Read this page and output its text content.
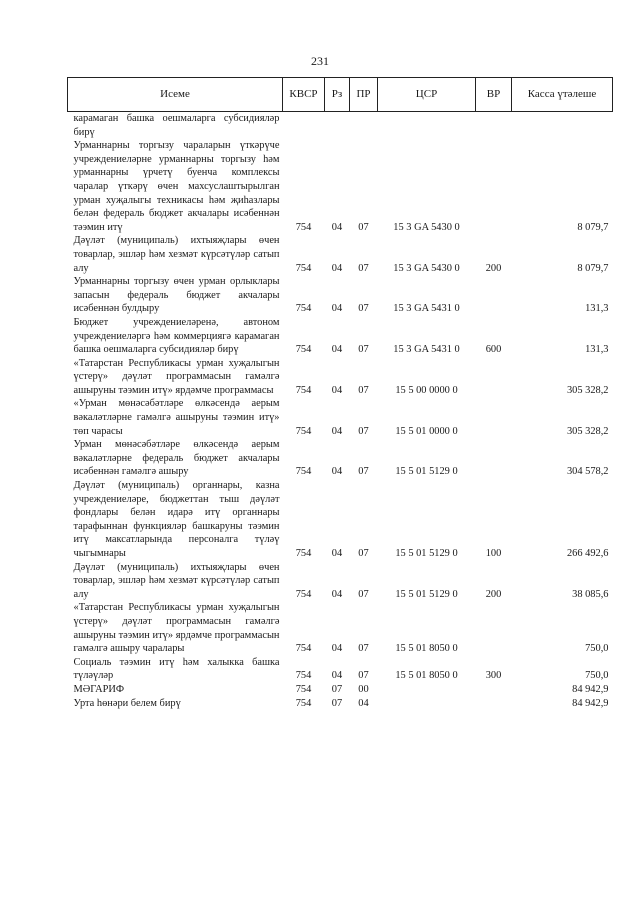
231
Исеме	КВСР	Рз	ПР	ЦСР	ВР	Касса үтәлеше
карамаган башка оешмаларга субсидияләр бирү						
Урманнарны торгызу чараларын үткәрүче учреждениеләрне урманнарны торгызу һәм урманнарны үрчетү буенча комплексы чаралар үткәрү өчен махсуслаштырылган урман хуҗалыгы техникасы һәм җиһазлары белән федераль бюджет акчалары исәбеннән тәэмин итү	754	04	07	15 3 GA 5430 0		8 079,7
Дәүләт (муниципаль) ихтыяҗлары өчен товарлар, эшләр һәм хезмәт күрсәтүләр сатып алу	754	04	07	15 3 GA 5430 0	200	8 079,7
Урманнарны торгызу өчен урман орлыклары запасын федераль бюджет акчалары исәбеннән булдыру	754	04	07	15 3 GA 5431 0		131,3
Бюджет учреждениеләренә, автоном учреждениеләргә һәм коммерциягә карамаган башка оешмаларга субсидияләр бирү	754	04	07	15 3 GA 5431 0	600	131,3
«Татарстан Республикасы урман хуҗалыгын үстерү» дәүләт программасын гамәлгә ашыруны тәэмин итү» ярдәмче программасы	754	04	07	15 5 00 0000 0		305 328,2
«Урман мөнәсәбәтләре өлкәсендә аерым вәкаләтләрне гамәлгә ашыруны тәэмин итү» төп чарасы	754	04	07	15 5 01 0000 0		305 328,2
Урман мөнәсәбәтләре өлкәсендә аерым вәкаләтләрне федераль бюджет акчалары исәбеннән гамәлгә ашыру	754	04	07	15 5 01 5129 0		304 578,2
Дәүләт (муниципаль) органнары, казна учреждениеләре, бюджеттан тыш дәүләт фондлары белән идарә итү органнары тарафыннан функцияләр башкаруны тәэмин итү максатларында персоналга түләү чыгымнары	754	04	07	15 5 01 5129 0	100	266 492,6
Дәүләт (муниципаль) ихтыяҗлары өчен товарлар, эшләр һәм хезмәт күрсәтүләр сатып алу	754	04	07	15 5 01 5129 0	200	38 085,6
«Татарстан Республикасы урман хуҗалыгын үстерү» дәүләт программасын гамәлгә ашыруны тәэмин итү» ярдәмче программасын гамәлгә ашыру чаралары	754	04	07	15 5 01 8050 0		750,0
Социаль тәэмин итү һәм халыкка башка түләүләр	754	04	07	15 5 01 8050 0	300	750,0
МӘГАРИФ	754	07	00			84 942,9
Урта һөнәри белем бирү	754	07	04			84 942,9
